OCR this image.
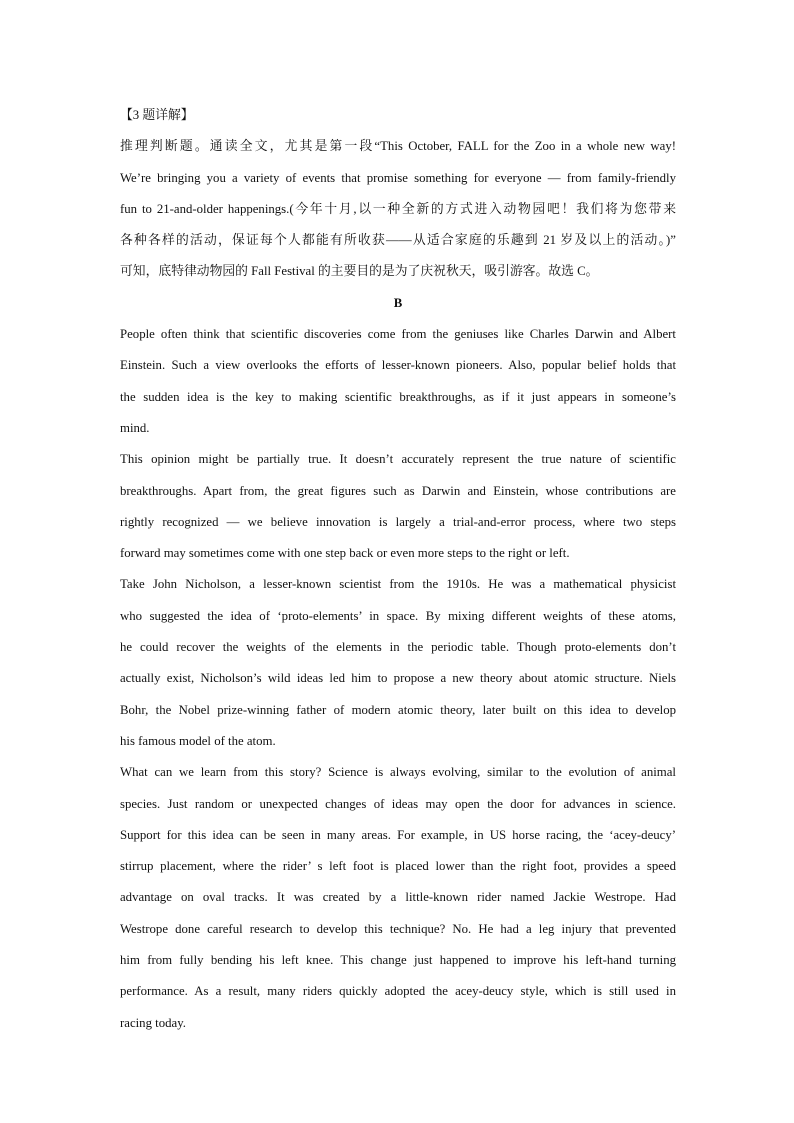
【3 题详解】
推理判断题。通读全文，尤其是第一段“This October, FALL for the Zoo in a whole new way!
We’re bringing you a variety of events that promise something for everyone — from family-friendly
fun to 21-and-older happenings.(今年十月,以一种全新的方式进入动物园吧！我们将为您带来
各种各样的活动，保证每个人都能有所收获——从适合家庭的乐趣到 21 岁及以上的活动。)”
可知，底特律动物园的 Fall Festival 的主要目的是为了庆祝秋天，吸引游客。故选 C。
B
People often think that scientific discoveries come from the geniuses like Charles Darwin and Albert
Einstein. Such a view overlooks the efforts of lesser-known pioneers. Also, popular belief holds that
the sudden idea is the key to making scientific breakthroughs, as if it just appears in someone’s
mind.
This opinion might be partially true. It doesn’t accurately represent the true nature of scientific
breakthroughs. Apart from, the great figures such as Darwin and Einstein, whose contributions are
rightly recognized — we believe innovation is largely a trial-and-error process, where two steps
forward may sometimes come with one step back or even more steps to the right or left.
Take John Nicholson, a lesser-known scientist from the 1910s. He was a mathematical physicist
who suggested the idea of ‘proto-elements’ in space. By mixing different weights of these atoms,
he could recover the weights of the elements in the periodic table. Though proto-elements don’t
actually exist, Nicholson’s wild ideas led him to propose a new theory about atomic structure. Niels
Bohr, the Nobel prize-winning father of modern atomic theory, later built on this idea to develop
his famous model of the atom.
What can we learn from this story? Science is always evolving, similar to the evolution of animal
species. Just random or unexpected changes of ideas may open the door for advances in science.
Support for this idea can be seen in many areas. For example, in US horse racing, the ‘acey-deucy’
stirrup placement, where the rider’ s left foot is placed lower than the right foot, provides a speed
advantage on oval tracks. It was created by a little-known rider named Jackie Westrope. Had
Westrope done careful research to develop this technique? No. He had a leg injury that prevented
him from fully bending his left knee. This change just happened to improve his left-hand turning
performance. As a result, many riders quickly adopted the acey-deucy style, which is still used in
racing today.
